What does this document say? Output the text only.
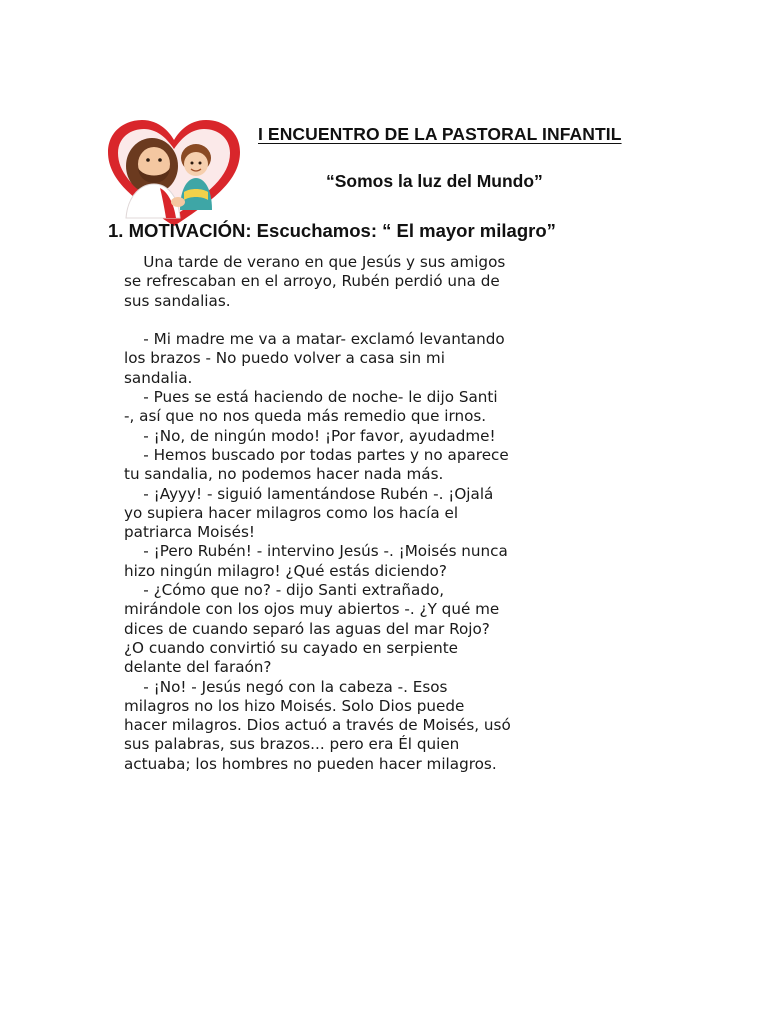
I ENCUENTRO DE LA PASTORAL INFANTIL
“Somos la luz del Mundo”
1. MOTIVACIÓN: Escuchamos: “ El mayor milagro”
Una tarde de verano en que Jesús y sus amigos
se refrescaban en el arroyo, Rubén perdió una de
sus sandalias.
- Mi madre me va a matar- exclamó levantando
los brazos - No puedo volver a casa sin mi
sandalia.
- Pues se está haciendo de noche- le dijo Santi
-, así que no nos queda más remedio que irnos.
- ¡No, de ningún modo! ¡Por favor, ayudadme!
- Hemos buscado por todas partes y no aparece
tu sandalia, no podemos hacer nada más.
- ¡Ayyy! - siguió lamentándose Rubén -. ¡Ojalá
yo supiera hacer milagros como los hacía el
patriarca Moisés!
- ¡Pero Rubén! - intervino Jesús -. ¡Moisés nunca
hizo ningún milagro! ¿Qué estás diciendo?
- ¿Cómo que no? - dijo Santi extrañado,
mirándole con los ojos muy abiertos -. ¿Y qué me
dices de cuando separó las aguas del mar Rojo?
¿O cuando convirtió su cayado en serpiente
delante del faraón?
- ¡No! - Jesús negó con la cabeza -. Esos
milagros no los hizo Moisés. Solo Dios puede
hacer milagros. Dios actuó a través de Moisés, usó
sus palabras, sus brazos... pero era Él quien
actuaba; los hombres no pueden hacer milagros.
